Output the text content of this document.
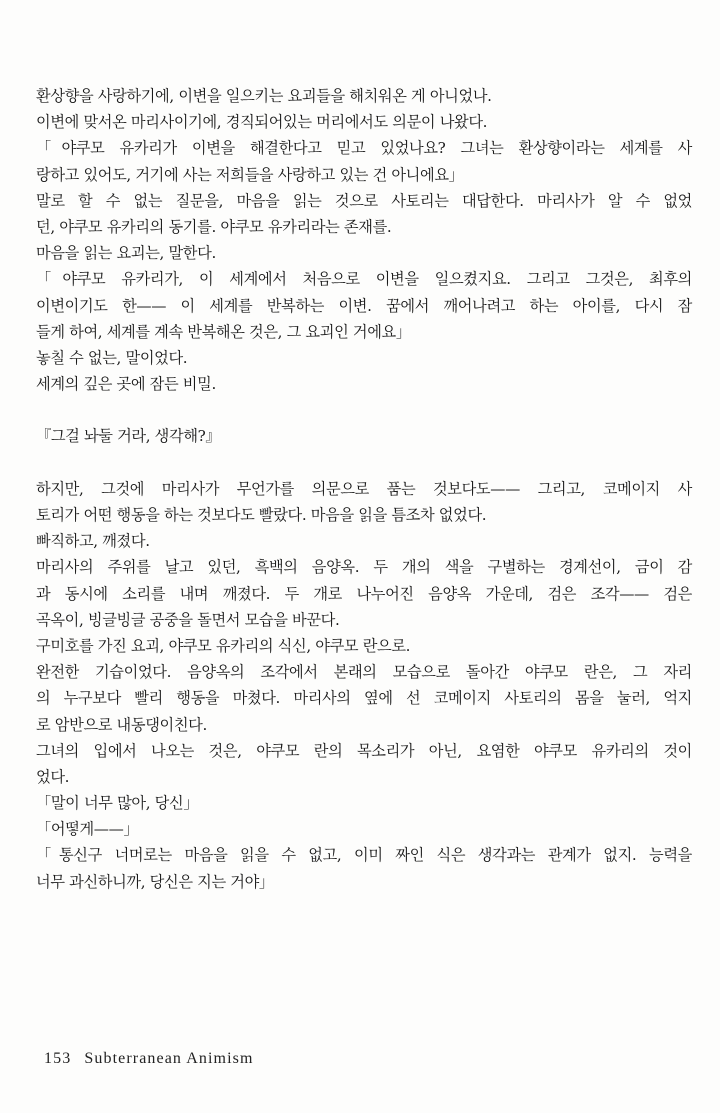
환상향을 사랑하기에, 이변을 일으키는 요괴들을 해치워온 게 아니었나.
이변에 맞서온 마리사이기에, 경직되어있는 머리에서도 의문이 나왔다.
「야쿠모 유카리가 이변을 해결한다고 믿고 있었나요? 그녀는 환상향이라는 세계를 사
랑하고 있어도, 거기에 사는 저희들을 사랑하고 있는 건 아니에요」
말로 할 수 없는 질문을, 마음을 읽는 것으로 사토리는 대답한다. 마리사가 알 수 없었
던, 야쿠모 유카리의 동기를. 야쿠모 유카리라는 존재를.
마음을 읽는 요괴는, 말한다.
「야쿠모 유카리가, 이 세계에서 처음으로 이변을 일으켰지요. 그리고 그것은, 최후의
이변이기도 한—— 이 세계를 반복하는 이변. 꿈에서 깨어나려고 하는 아이를, 다시 잠
들게 하여, 세계를 계속 반복해온 것은, 그 요괴인 거에요」
놓칠 수 없는, 말이었다.
세계의 깊은 곳에 잠든 비밀.
『그걸 놔둘 거라, 생각해?』
하지만, 그것에 마리사가 무언가를 의문으로 품는 것보다도—— 그리고, 코메이지 사
토리가 어떤 행동을 하는 것보다도 빨랐다. 마음을 읽을 틈조차 없었다.
빠직하고, 깨졌다.
마리사의 주위를 날고 있던, 흑백의 음양옥. 두 개의 색을 구별하는 경계선이, 금이 감
과 동시에 소리를 내며 깨졌다. 두 개로 나누어진 음양옥 가운데, 검은 조각—— 검은
곡옥이, 빙글빙글 공중을 돌면서 모습을 바꾼다.
구미호를 가진 요괴, 야쿠모 유카리의 식신, 야쿠모 란으로.
완전한 기습이었다. 음양옥의 조각에서 본래의 모습으로 돌아간 야쿠모 란은, 그 자리
의 누구보다 빨리 행동을 마쳤다. 마리사의 옆에 선 코메이지 사토리의 몸을 눌러, 억지
로 암반으로 내동댕이친다.
그녀의 입에서 나오는 것은, 야쿠모 란의 목소리가 아닌, 요염한 야쿠모 유카리의 것이
었다.
「말이 너무 많아, 당신」
「어떻게——」
「통신구 너머로는 마음을 읽을 수 없고, 이미 짜인 식은 생각과는 관계가 없지. 능력을
너무 과신하니까, 당신은 지는 거야」
153 Subterranean Animism
